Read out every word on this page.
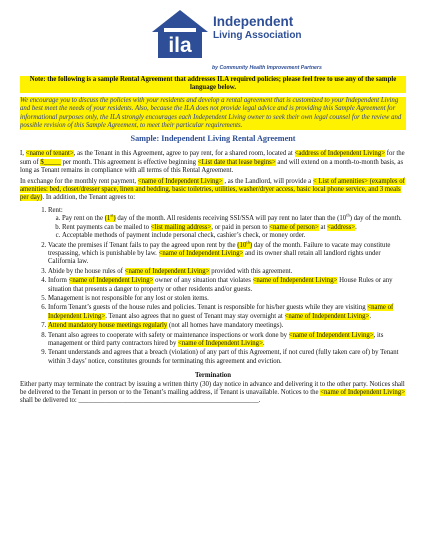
ila
Independent
Living Association
by Community Health Improvement Partners

Note: the following is a sample Rental Agreement that addresses ILA required policies; please feel free to use any of the sample language below.

We encourage you to discuss the policies with your residents and develop a rental agreement that is customized to your Independent Living and best meet the needs of your residents. Also, because the ILA does not provide legal advice and is providing this Sample Agreement for informational purposes only, the ILA strongly encourages each Independent Living owner to seek their own legal counsel for the review and possible revision of this Sample Agreement, to meet their particular requirements.

Sample: Independent Living Rental Agreement

I, <name of tenant>, as the Tenant in this Agreement, agree to pay rent, for a shared room, located at <address of Independent Living> for the sum of $_____ per month. This agreement is effective beginning <List date that lease begins> and will extend on a month-to-month basis, as long as Tenant remains in compliance with all terms of this Rental Agreement.

In exchange for the monthly rent payment, <name of Independent Living> , as the Landlord, will provide a < List of amenities> (examples of amenities: bed, closet/dresser space, linen and bedding, basic toiletries, utilities, washer/dryer access, basic local phone service, and 3 meals per day). In addition, the Tenant agrees to:

1. Rent:
a. Pay rent on the (1st) day of the month. All residents receiving SSI/SSA will pay rent no later than the (10th) day of the month.
b. Rent payments can be mailed to <list mailing address>, or paid in person to <name of person> at <address>.
c. Acceptable methods of payment include personal check, cashier’s check, or money order.
2. Vacate the premises if Tenant fails to pay the agreed upon rent by the (10th) day of the month. Failure to vacate may constitute trespassing, which is punishable by law. <name of Independent Living> and its owner shall retain all landlord rights under California law.
3. Abide by the house rules of <name of Independent Living> provided with this agreement.
4. Inform <name of Independent Living> owner of any situation that violates <name of Independent Living> House Rules or any situation that presents a danger to property or other residents and/or guests.
5. Management is not responsible for any lost or stolen items.
6. Inform Tenant’s guests of the house rules and policies. Tenant is responsible for his/her guests while they are visiting <name of Independent Living>. Tenant also agrees that no guest of Tenant may stay overnight at <name of Independent Living>.
7. Attend mandatory house meetings regularly (not all homes have mandatory meetings).
8. Tenant also agrees to cooperate with safety or maintenance inspections or work done by <name of Independent Living>, its management or third party contractors hired by <name of Independent Living>.
9. Tenant understands and agrees that a breach (violation) of any part of this Agreement, if not cured (fully taken care of) by Tenant within 3 days’ notice, constitutes grounds for terminating this agreement and eviction.

Termination

Either party may terminate the contract by issuing a written thirty (30) day notice in advance and delivering it to the other party. Notices shall be delivered to the Tenant in person or to the Tenant’s mailing address, if Tenant is unavailable. Notices to the <name of Independent Living> shall be delivered to: _____________________________________________________.
